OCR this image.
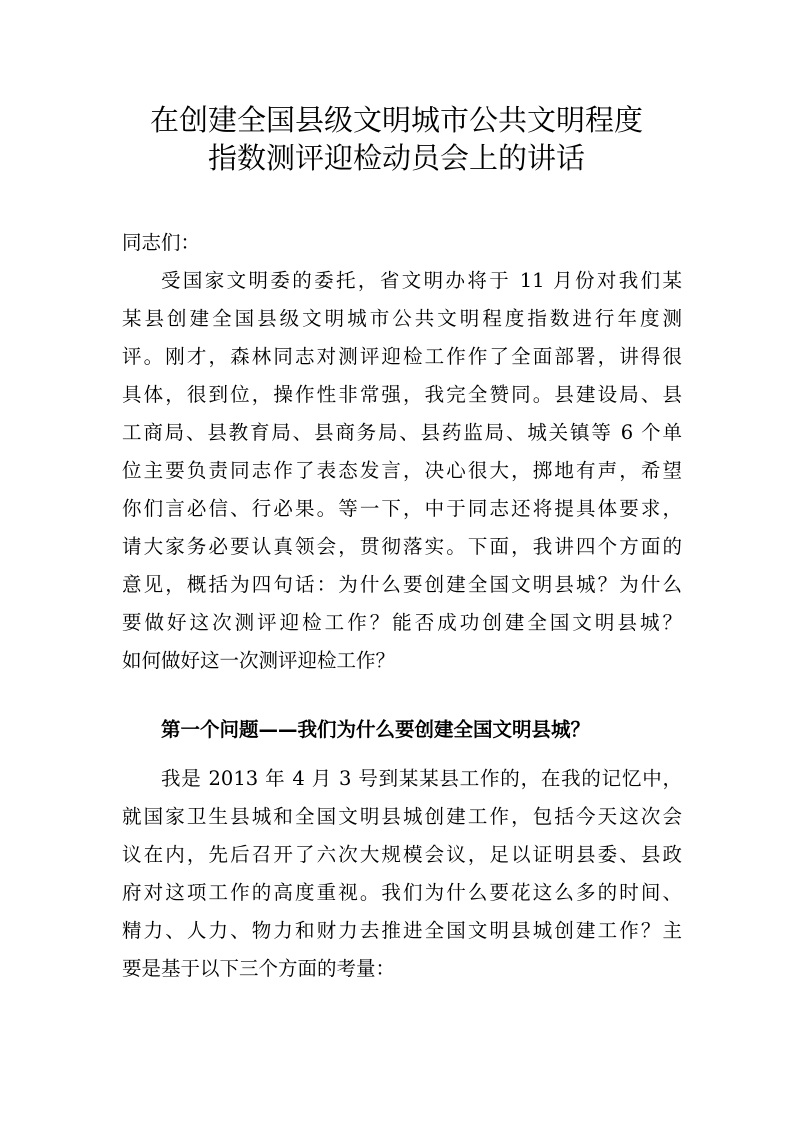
在创建全国县级文明城市公共文明程度
指数测评迎检动员会上的讲话
同志们：
受国家文明委的委托，省文明办将于 11 月份对我们某
某县创建全国县级文明城市公共文明程度指数进行年度测
评。刚才，森林同志对测评迎检工作作了全面部署，讲得很
具体，很到位，操作性非常强，我完全赞同。县建设局、县
工商局、县教育局、县商务局、县药监局、城关镇等 6 个单
位主要负责同志作了表态发言，决心很大，掷地有声，希望
你们言必信、行必果。等一下，中于同志还将提具体要求，
请大家务必要认真领会，贯彻落实。下面，我讲四个方面的
意见，概括为四句话：为什么要创建全国文明县城？为什么
要做好这次测评迎检工作？能否成功创建全国文明县城？
如何做好这一次测评迎检工作？
第一个问题——我们为什么要创建全国文明县城？
我是 2013 年 4 月 3 号到某某县工作的，在我的记忆中，
就国家卫生县城和全国文明县城创建工作，包括今天这次会
议在内，先后召开了六次大规模会议，足以证明县委、县政
府对这项工作的高度重视。我们为什么要花这么多的时间、
精力、人力、物力和财力去推进全国文明县城创建工作？主
要是基于以下三个方面的考量：
